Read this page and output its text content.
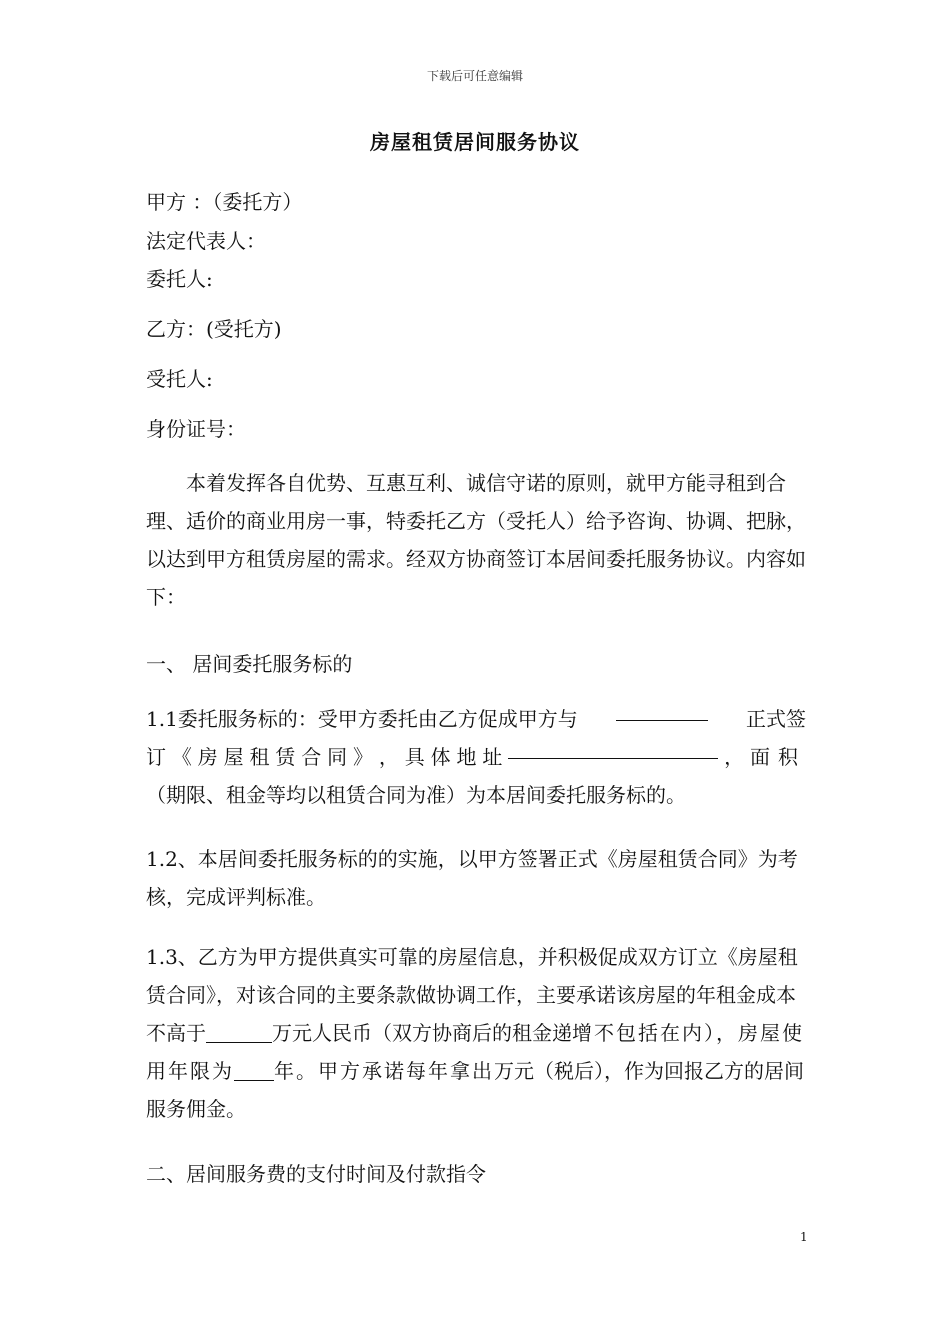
下载后可任意编辑
房屋租赁居间服务协议
甲方 ：（委托方）
法定代表人：
委托人:
乙方：(受托方)
受托人:
身份证号：
本着发挥各自优势、互惠互利、诚信守诺的原则，就甲方能寻租到合理、适价的商业用房一事，特委托乙方（受托人）给予咨询、协调、把脉，以达到甲方租赁房屋的需求。经双方协商签订本居间委托服务协议。内容如下：
一、 居间委托服务标的
1.1委托服务标的：受甲方委托由乙方促成甲方与	正式签
订 《 房 屋 租 赁 合 同 》 ， 具 体 地 址	， 面积
（期限、租金等均以租赁合同为准）为本居间委托服务标的。
1.2、本居间委托服务标的的实施，以甲方签署正式《房屋租赁合同》为考核，完成评判标准。
1.3、乙方为甲方提供真实可靠的房屋信息，并积极促成双方订立《房屋租赁合同》，对该合同的主要条款做协调工作，主要承诺该房屋的年租金成本不高于	万元人民币（双方协商后的租金递增不包括在内），房屋使用年限为 年。甲方承诺每年拿出万元（税后），作为回报乙方的居间服务佣金。
二、居间服务费的支付时间及付款指令
1
